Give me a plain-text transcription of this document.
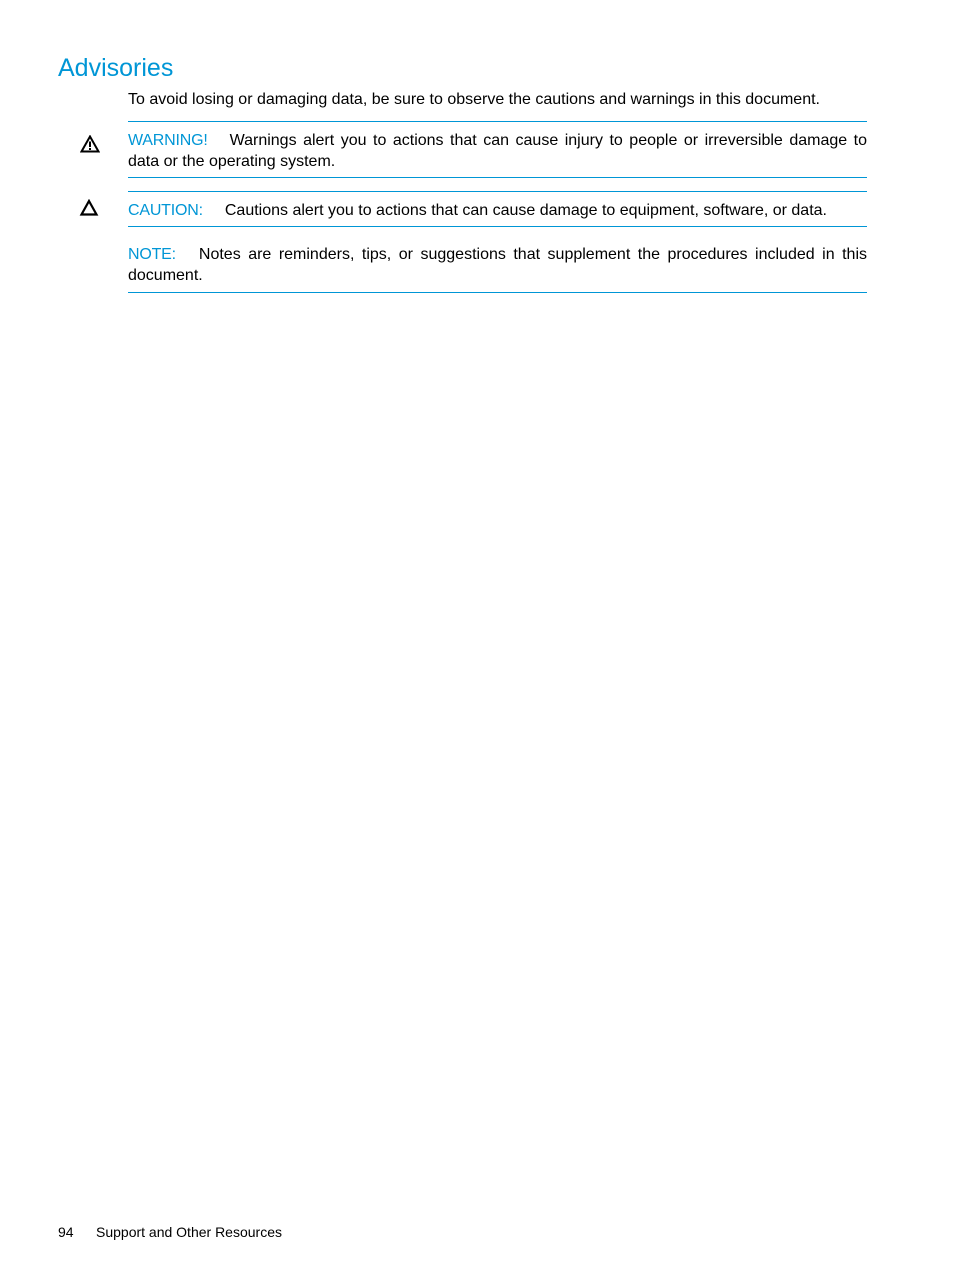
Advisories

To avoid losing or damaging data, be sure to observe the cautions and warnings in this document.

WARNING! Warnings alert you to actions that can cause injury to people or irreversible damage to data or the operating system.

CAUTION: Cautions alert you to actions that can cause damage to equipment, software, or data.

NOTE: Notes are reminders, tips, or suggestions that supplement the procedures included in this document.

94 Support and Other Resources
